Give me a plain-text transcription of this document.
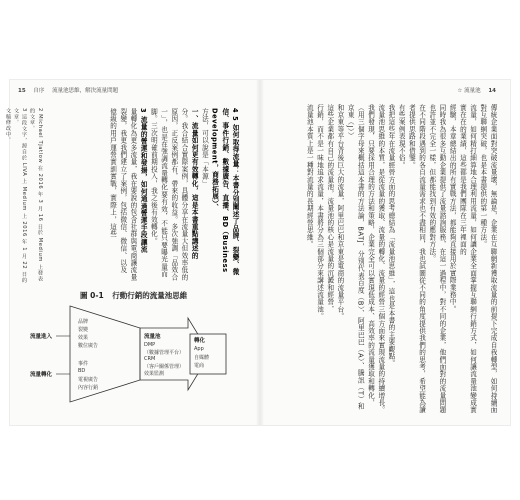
15 自序 流量池思維，解決流量問題
4 5 如何取得流量：本書分別闡述了品牌、裂變、微信、事件行銷、數據廣告、直播、BD（Business Development，商務拓展）、
方法，可以說是「本源」
一、流量如何更有效轉化，這是本書重點講述的
分。我合結合實際案例，具體分享在流量大但效率低的原因，正反案例都有，帶來的收益。多次強調「品效合
一」，也是在強調流量轉化要有效，不能只要曝光量而
脚。三次明確前期投入，我之後有效轉化。
3 流量的營運和發揚，如何通過營運手段讓流
量轉化為更多流量，我在要說的包含社群與電商讓流量
裂變，我更我們建立了案例，包括微信、微信、以及
億級的用戶運營實訓實戰，實際上，這些
2 Michael Tjatlow 在 2016 年 3 月 16 日於 Medium 上發表的文章。
3 這段文字，源自於 LIVA 上 Medium 上 2016 年 1 月 22 日的文章。
文稿修改中。
圖 0-1 行動行銷的流量池思維
流量進入
流量轉化
品牌
裂變
效果
數位廣告
事件
BD
電視廣告
內容行銷
流量池
DMP
（數據管理平台）
CRM
（客戶關係管理）
效果監測
轉化
App
自媒體
電商
☆ 流量池 14
傳統企業面對突破流量壞，無論是，企業在互聯網新獲取流量的前提下完成自我轉型，如何持續面對互聯網突破，也是本書提供的第一種方法。
流量，如何精打細算地合理利用流量，如何讓企業全面掌握互聯網行銷方式，如何讓流量池變成實實在在的業績，這些都是我們團隊在三年裡面的
經驗，本章總結出的所有實戰方法，都能夠直接用於實際業務中。
同時我為很多互動企業提供了流量諮詢服務，在這一過程中，對不同的企業，他們面對的流量問題也許並不完全一樣，但都能找到有效的應對方法。
在不同階段遇到的各自流量需求也不盡相同，我也試圖從不同的角度提供我們的思考，希望能為讀者提供思路和借鑒。
有些案例表現不俗。
我把這些年在流量經營方面的思考總結為「流量池思維」，這也是本書的主要觀點。
流量池思維的本質，是從流量的獲取、流量的轉化、流量的經營三個方面來實現流量的持續增長。
我們發現，只要採用合理的方法和策略，企業完全可以實現低成本、高效率的流量獲取和轉化，
（用三個字母來概括這本書的方法論，BATJ，分別代表百度（B）、阿里巴巴（A）、騰訊（T）和京東（J））
和京東等平台背後巨大的流量，阿里巴巴和京東是電商的流量平台。
這些企業都有自己的流量池，流量池的核心是流量的沉澱和經營，
行銷，而不是一味地追求流量，本書將分為三個部分來講述流量池。
流量池本質上是一種對流量的長期經營思維。
